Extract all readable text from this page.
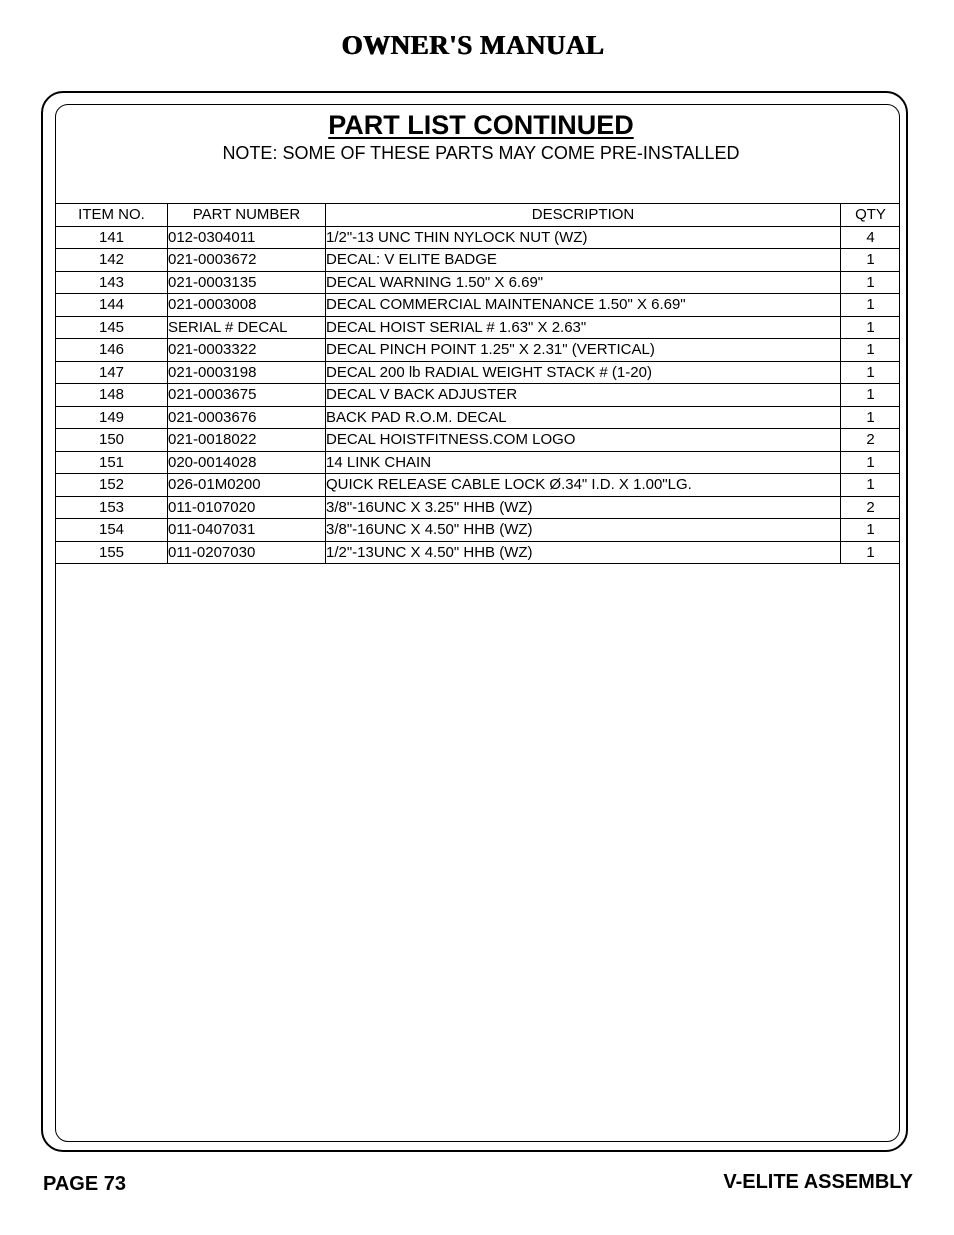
OWNER'S MANUAL
PART LIST CONTINUED
NOTE: SOME OF THESE PARTS MAY COME PRE-INSTALLED
ITEM NO.	PART NUMBER	DESCRIPTION	QTY
141	012-0304011	1/2"-13 UNC THIN NYLOCK NUT (WZ)	4
142	021-0003672	DECAL: V ELITE BADGE	1
143	021-0003135	DECAL WARNING 1.50" X 6.69"	1
144	021-0003008	DECAL COMMERCIAL MAINTENANCE 1.50" X 6.69"	1
145	SERIAL # DECAL	DECAL HOIST SERIAL # 1.63" X 2.63"	1
146	021-0003322	DECAL PINCH POINT 1.25" X 2.31" (VERTICAL)	1
147	021-0003198	DECAL 200 lb RADIAL WEIGHT STACK # (1-20)	1
148	021-0003675	DECAL V BACK ADJUSTER	1
149	021-0003676	BACK PAD R.O.M. DECAL	1
150	021-0018022	DECAL HOISTFITNESS.COM LOGO	2
151	020-0014028	14 LINK CHAIN	1
152	026-01M0200	QUICK RELEASE CABLE LOCK Ø.34" I.D. X 1.00"LG.	1
153	011-0107020	3/8"-16UNC X 3.25" HHB (WZ)	2
154	011-0407031	3/8"-16UNC X 4.50" HHB (WZ)	1
155	011-0207030	1/2"-13UNC X 4.50" HHB (WZ)	1
PAGE 73	V-ELITE ASSEMBLY
